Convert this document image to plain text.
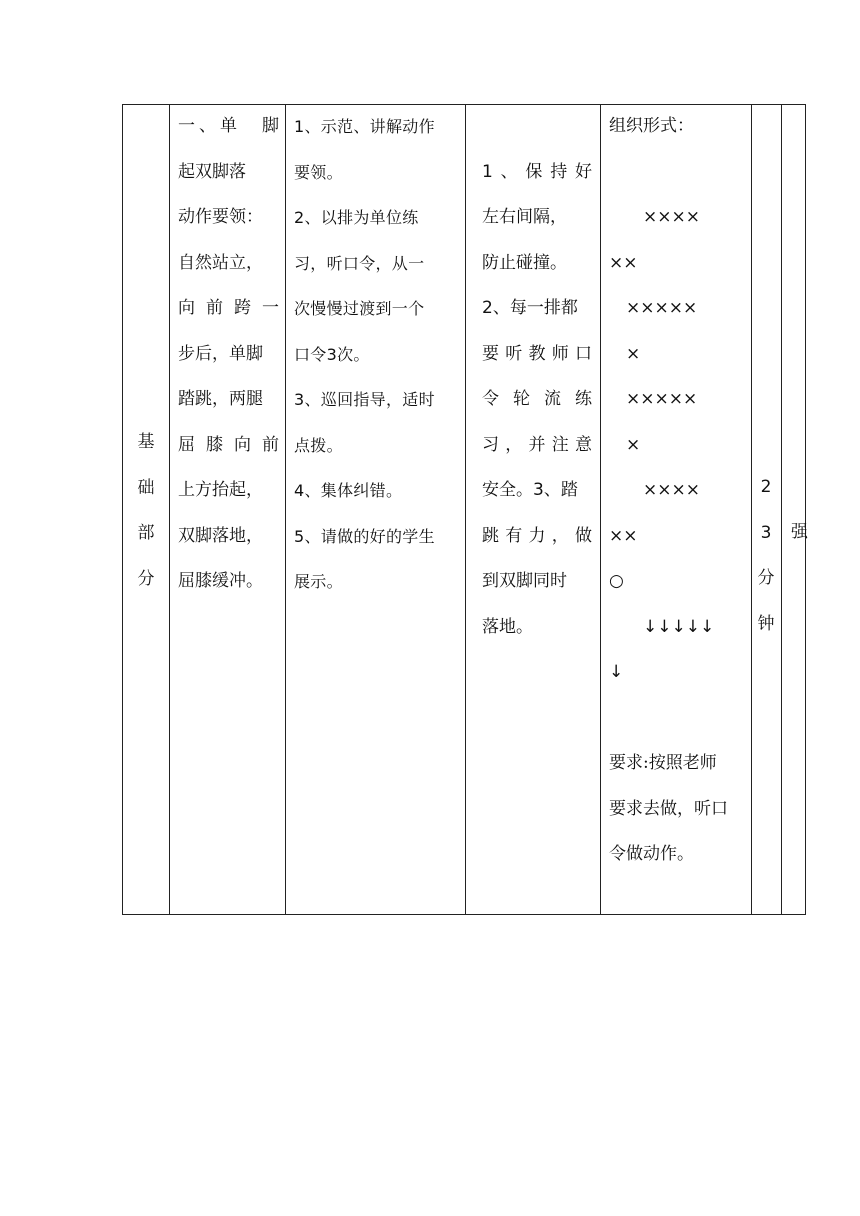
基
础
部
分
一、单　脚
起双脚落
动作要领：
自然站立，
向前跨一
步后，单脚
踏跳，两腿
屈膝向前
上方抬起，
双脚落地，
屈膝缓冲。
1、示范、讲解动作
要领。
2、以排为单位练
习，听口令，从一
次慢慢过渡到一个
口令3次。
3、巡回指导，适时
点拨。
4、集体纠错。
5、请做的好的学生
展示。

1、保持好
左右间隔，
防止碰撞。
2、每一排都
要听教师口
令轮流练
习，并注意
安全。3、踏
跳有力，做
到双脚同时
落地。
组织形式：

　　××××
××
　×××××
　×
　×××××
　×
　　××××
××
○
　　↓↓↓↓↓
↓

要求:按照老师
要求去做，听口
令做动作。
2
3
分
钟
强
